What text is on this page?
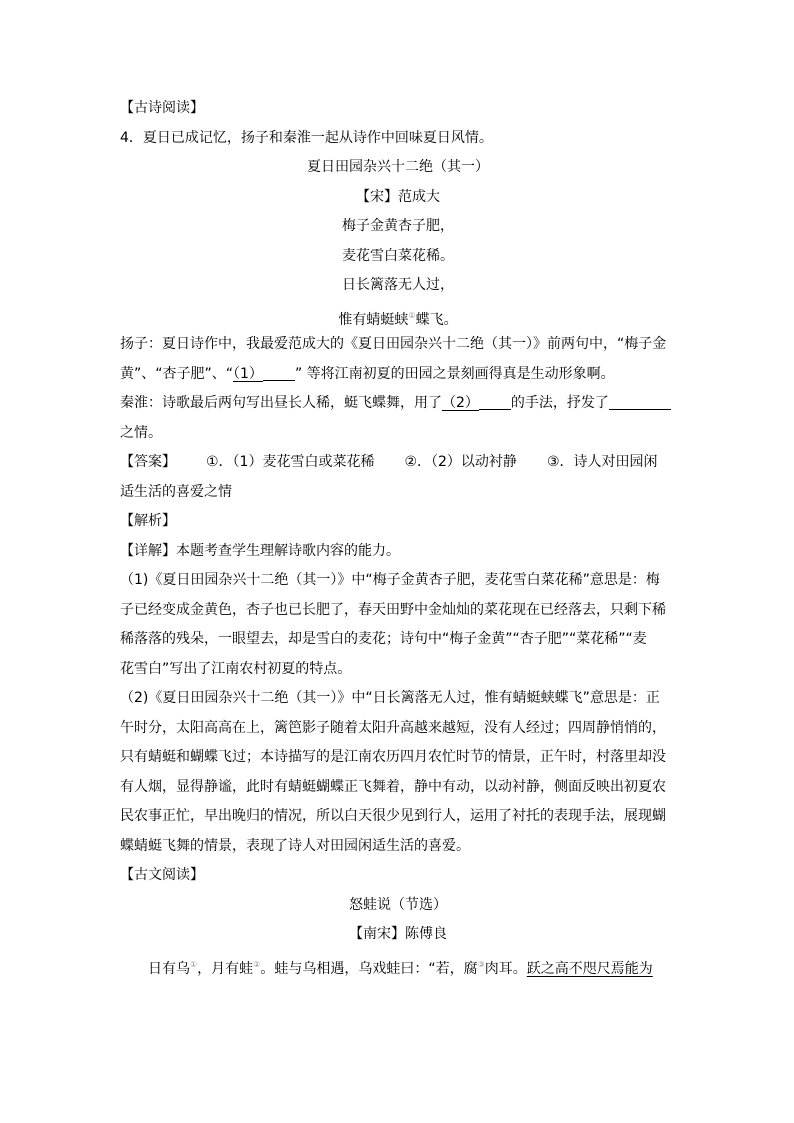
【古诗阅读】
4．夏日已成记忆，扬子和秦淮一起从诗作中回味夏日风情。
夏日田园杂兴十二绝（其一）
【宋】范成大
梅子金黄杏子肥，
麦花雪白菜花稀。
日长篱落无人过，
惟有蜻蜓蛱①蝶飞。
扬子：夏日诗作中，我最爱范成大的《夏日田园杂兴十二绝（其一）》前两句中，“梅子金
黄”、“杏子肥”、“（1） ” 等将江南初夏的田园之景刻画得真是生动形象啊。
秦淮：诗歌最后两句写出昼长人稀，蜓飞蝶舞，用了（2） 的手法，抒发了
之情。
【答案】 ①．（1）麦花雪白或菜花稀 ②．（2）以动衬静 ③．诗人对田园闲
适生活的喜爱之情
【解析】
【详解】本题考查学生理解诗歌内容的能力。
（1)《夏日田园杂兴十二绝（其一）》中“梅子金黄杏子肥，麦花雪白菜花稀”意思是：梅
子已经变成金黄色，杏子也已长肥了，春天田野中金灿灿的菜花现在已经落去，只剩下稀
稀落落的残朵，一眼望去，却是雪白的麦花；诗句中“梅子金黄”“杏子肥”“菜花稀”“麦
花雪白”写出了江南农村初夏的特点。
（2)《夏日田园杂兴十二绝（其一）》中“日长篱落无人过，惟有蜻蜓蛱蝶飞”意思是：正
午时分，太阳高高在上，篱笆影子随着太阳升高越来越短，没有人经过；四周静悄悄的，
只有蜻蜓和蝴蝶飞过；本诗描写的是江南农历四月农忙时节的情景，正午时，村落里却没
有人烟，显得静谧，此时有蜻蜓蝴蝶正飞舞着，静中有动，以动衬静，侧面反映出初夏农
民农事正忙，早出晚归的情况，所以白天很少见到行人，运用了衬托的表现手法，展现蝴
蝶蜻蜓飞舞的情景，表现了诗人对田园闲适生活的喜爱。
【古文阅读】
怒蛙说（节选）
【南宋】陈傅良
日有乌①，月有蛙②。蛙与乌相遇，乌戏蛙曰：“若，腐③肉耳。跃之高不咫尺焉能为
